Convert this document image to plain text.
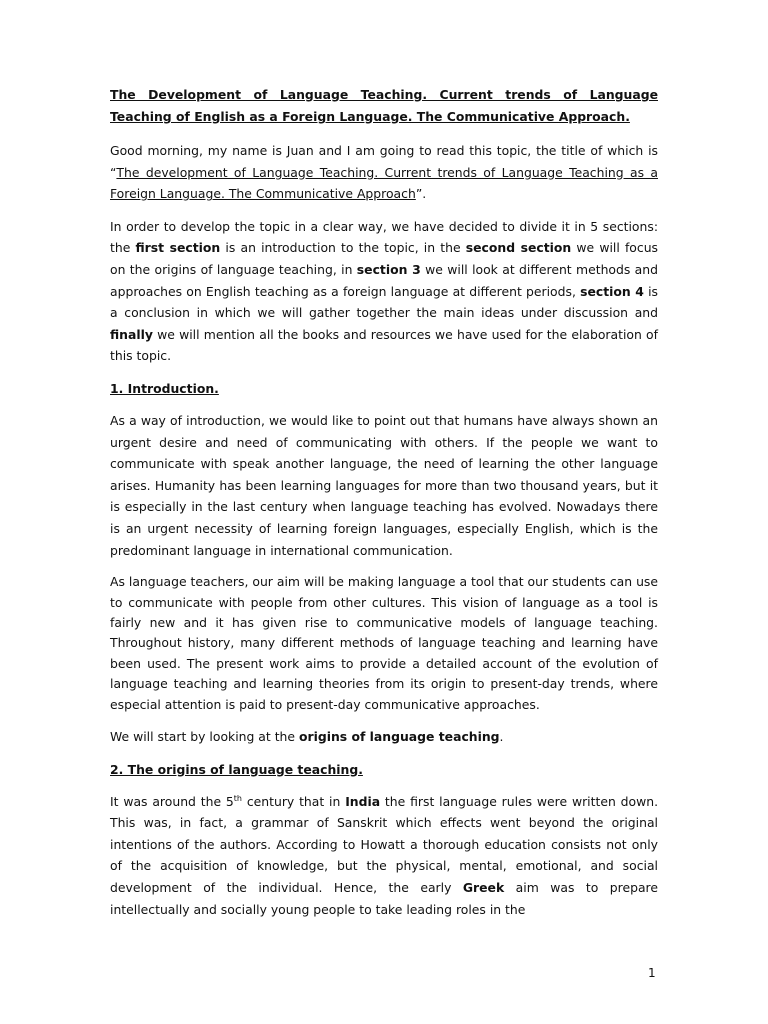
The Development of Language Teaching. Current trends of Language Teaching of English as a Foreign Language. The Communicative Approach.

Good morning, my name is Juan and I am going to read this topic, the title of which is “The development of Language Teaching. Current trends of Language Teaching as a Foreign Language. The Communicative Approach”.

In order to develop the topic in a clear way, we have decided to divide it in 5 sections: the first section is an introduction to the topic, in the second section we will focus on the origins of language teaching, in section 3 we will look at different methods and approaches on English teaching as a foreign language at different periods, section 4 is a conclusion in which we will gather together the main ideas under discussion and finally we will mention all the books and resources we have used for the elaboration of this topic.

1. Introduction.

As a way of introduction, we would like to point out that humans have always shown an urgent desire and need of communicating with others. If the people we want to communicate with speak another language, the need of learning the other language arises. Humanity has been learning languages for more than two thousand years, but it is especially in the last century when language teaching has evolved. Nowadays there is an urgent necessity of learning foreign languages, especially English, which is the predominant language in international communication.

As language teachers, our aim will be making language a tool that our students can use to communicate with people from other cultures. This vision of language as a tool is fairly new and it has given rise to communicative models of language teaching. Throughout history, many different methods of language teaching and learning have been used. The present work aims to provide a detailed account of the evolution of language teaching and learning theories from its origin to present-day trends, where especial attention is paid to present-day communicative approaches.

We will start by looking at the origins of language teaching.

2. The origins of language teaching.

It was around the 5th century that in India the first language rules were written down. This was, in fact, a grammar of Sanskrit which effects went beyond the original intentions of the authors. According to Howatt a thorough education consists not only of the acquisition of knowledge, but the physical, mental, emotional, and social development of the individual. Hence, the early Greek aim was to prepare intellectually and socially young people to take leading roles in the

1
